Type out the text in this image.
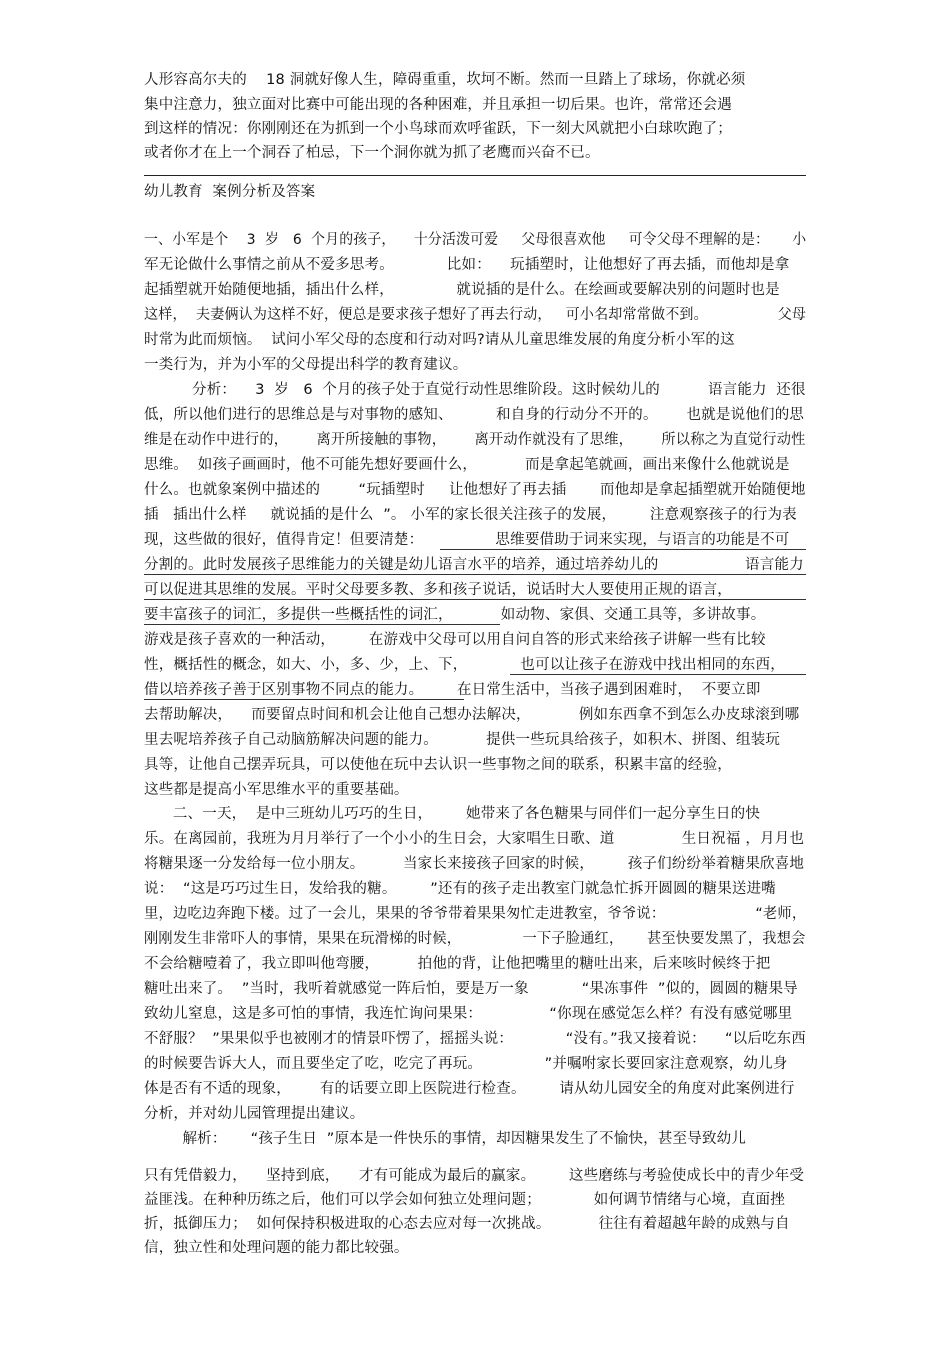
人形容高尔夫的    18 洞就好像人生，障碍重重，坎坷不断。然而一旦踏上了球场，你就必须
集中注意力，独立面对比赛中可能出现的各种困难，并且承担一切后果。也许，常常还会遇
到这样的情况：你刚刚还在为抓到一个小鸟球而欢呼雀跃，下一刻大风就把小白球吹跑了；
或者你才在上一个洞吞了柏忌，下一个洞你就为抓了老鹰而兴奋不已。
幼儿教育  案例分析及答案
一、小军是个    3  岁   6  个月的孩子，    十分活泼可爱     父母很喜欢他     可令父母不理解的是：     小
军无论做什么事情之前从不爱多思考。           比如：    玩插塑时，让他想好了再去插，而他却是拿
起插塑就开始随便地插，插出什么样，             就说插的是什么。在绘画或要解决别的问题时也是
这样，  夫妻俩认为这样不好，便总是要求孩子想好了再去行动，   可小名却常常做不到。               父母
时常为此而烦恼。  试问小军父母的态度和行动对吗?请从儿童思维发展的角度分析小军的这
一类行为，并为小军的父母提出科学的教育建议。
分析：    3  岁   6  个月的孩子处于直觉行动性思维阶段。这时候幼儿的          语言能力  还很
低，所以他们进行的思维总是与对事物的感知、         和自身的行动分不开的。      也就是说他们的思
维是在动作中进行的，      离开所接触的事物，      离开动作就没有了思维，      所以称之为直觉行动性
思维。  如孩子画画时，他不可能先想好要画什么，          而是拿起笔就画，画出来像什么他就说是
什么。也就象案例中描述的        “玩插塑时     让他想好了再去插       而他却是拿起插塑就开始随便地
插   插出什么样     就说插的是什么  ”。 小军的家长很关注孩子的发展，       注意观察孩子的行为表
现，这些做的很好，值得肯定！但要清楚：               思维要借助于词来实现，与语言的功能是不可
分割的。此时发展孩子思维能力的关键是幼儿语言水平的培养，通过培养幼儿的                  语言能力
可以促进其思维的发展。平时父母要多教、多和孩子说话，说话时大人要使用正规的语言，
要丰富孩子的词汇，多提供一些概括性的词汇，          如动物、家俱、交通工具等，多讲故事。
游戏是孩子喜欢的一种活动，       在游戏中父母可以用自问自答的形式来给孩子讲解一些有比较
性，概括性的概念，如大、小，多、少，上、下，           也可以让孩子在游戏中找出相同的东西，
借以培养孩子善于区别事物不同点的能力。       在日常生活中，当孩子遇到困难时，  不要立即
去帮助解决，    而要留点时间和机会让他自己想办法解决，          例如东西拿不到怎么办皮球滚到哪
里去呢培养孩子自己动脑筋解决问题的能力。          提供一些玩具给孩子，如积木、拼图、组装玩
具等，让他自己摆弄玩具，可以使他在玩中去认识一些事物之间的联系，积累丰富的经验，
这些都是提高小军思维水平的重要基础。
二、一天，  是中三班幼儿巧巧的生日，       她带来了各色糖果与同伴们一起分享生日的快
乐。在离园前，我班为月月举行了一个小小的生日会，大家唱生日歌、道              生日祝福 ，月月也
将糖果逐一分发给每一位小朋友。        当家长来接孩子回家的时候，       孩子们纷纷举着糖果欣喜地
说：  “这是巧巧过生日，发给我的糖。       ”还有的孩子走出教室门就急忙拆开圆圆的糖果送进嘴
里，边吃边奔跑下楼。过了一会儿，果果的爷爷带着果果匆忙走进教室，爷爷说：                   “老师，
刚刚发生非常吓人的事情，果果在玩滑梯的时候，             一下子脸通红，     甚至快要发黑了，我想会
不会给糖噎着了，我立即叫他弯腰，        拍他的背，让他把嘴里的糖吐出来，后来咳时候终于把
糖吐出来了。  ”当时，我听着就感觉一阵后怕，要是万一象           “果冻事件  ”似的，圆圆的糖果导
致幼儿窒息，这是多可怕的事情，我连忙询问果果：              “你现在感觉怎么样？有没有感觉哪里
不舒服？  ”果果似乎也被刚才的情景吓愣了，摇摇头说：           “没有。”我又接着说：    “以后吃东西
的时候要告诉大人，而且要坐定了吃，吃完了再玩。             ”并嘱咐家长要回家注意观察，幼儿身
体是否有不适的现象，      有的话要立即上医院进行检查。       请从幼儿园安全的角度对此案例进行
分析，并对幼儿园管理提出建议。
解析：     “孩子生日  ”原本是一件快乐的事情，却因糖果发生了不愉快，甚至导致幼儿
只有凭借毅力，    坚持到底，    才有可能成为最后的赢家。       这些磨练与考验使成长中的青少年受
益匪浅。在种种历练之后，他们可以学会如何独立处理问题；           如何调节情绪与心境，直面挫
折，抵御压力；  如何保持积极进取的心态去应对每一次挑战。          往往有着超越年龄的成熟与自
信，独立性和处理问题的能力都比较强。
